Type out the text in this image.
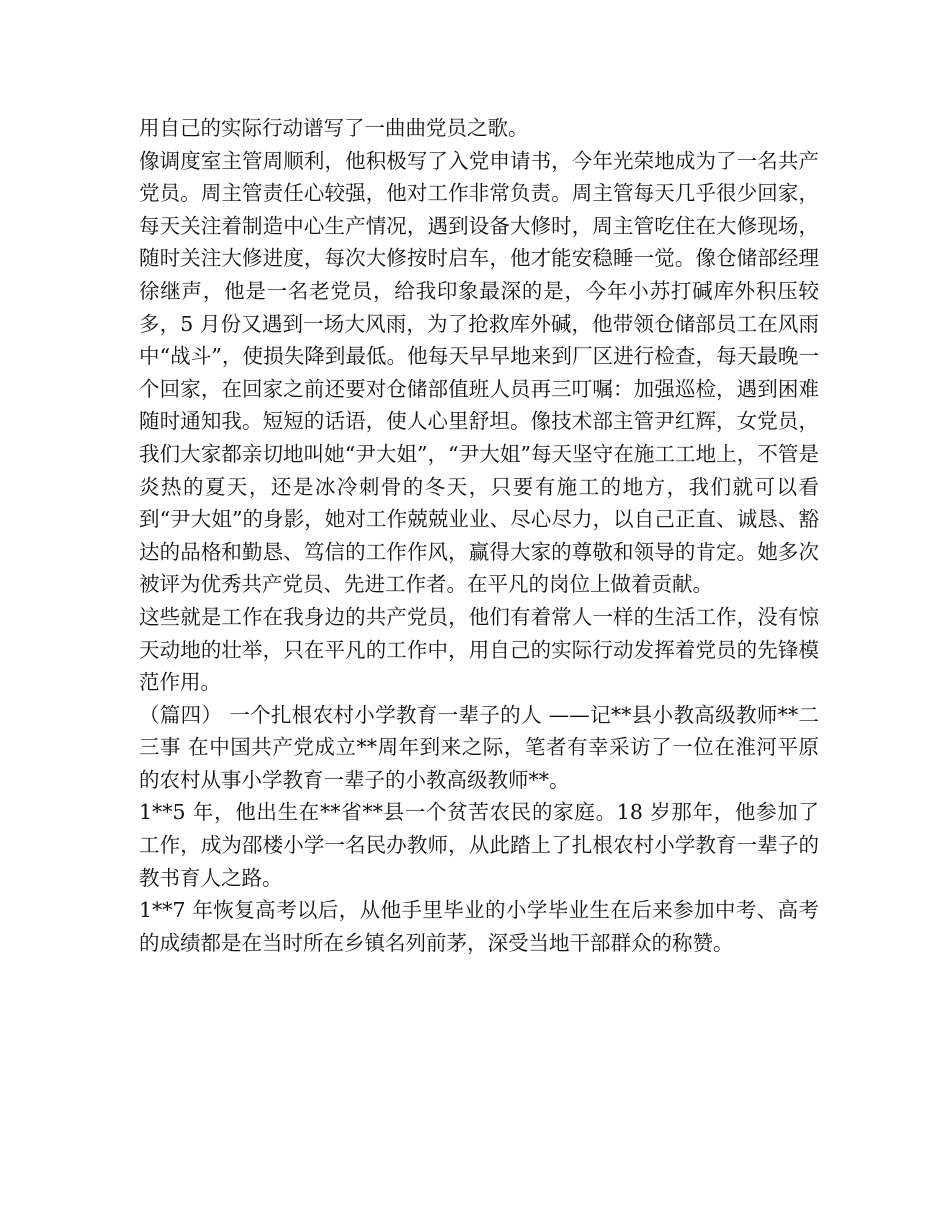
用自己的实际行动谱写了一曲曲党员之歌。

像调度室主管周顺利，他积极写了入党申请书，今年光荣地成为了一名共产党员。周主管责任心较强，他对工作非常负责。周主管每天几乎很少回家，每天关注着制造中心生产情况，遇到设备大修时，周主管吃住在大修现场，随时关注大修进度，每次大修按时启车，他才能安稳睡一觉。像仓储部经理徐继声，他是一名老党员，给我印象最深的是，今年小苏打碱库外积压较多，5 月份又遇到一场大风雨，为了抢救库外碱，他带领仓储部员工在风雨中“战斗”，使损失降到最低。他每天早早地来到厂区进行检查，每天最晚一个回家，在回家之前还要对仓储部值班人员再三叮嘱：加强巡检，遇到困难随时通知我。短短的话语，使人心里舒坦。像技术部主管尹红辉，女党员，我们大家都亲切地叫她“尹大姐”，“尹大姐”每天坚守在施工工地上，不管是炎热的夏天，还是冰冷刺骨的冬天，只要有施工的地方，我们就可以看到“尹大姐”的身影，她对工作兢兢业业、尽心尽力，以自己正直、诚恳、豁达的品格和勤恳、笃信的工作作风，赢得大家的尊敬和领导的肯定。她多次被评为优秀共产党员、先进工作者。在平凡的岗位上做着贡献。

这些就是工作在我身边的共产党员，他们有着常人一样的生活工作，没有惊天动地的壮举，只在平凡的工作中，用自己的实际行动发挥着党员的先锋模范作用。

（篇四） 一个扎根农村小学教育一辈子的人 ——记**县小教高级教师**二三事 在中国共产党成立**周年到来之际，笔者有幸采访了一位在淮河平原的农村从事小学教育一辈子的小教高级教师**。

1**5 年，他出生在**省**县一个贫苦农民的家庭。18 岁那年，他参加了工作，成为邵楼小学一名民办教师，从此踏上了扎根农村小学教育一辈子的教书育人之路。

1**7 年恢复高考以后，从他手里毕业的小学毕业生在后来参加中考、高考的成绩都是在当时所在乡镇名列前茅，深受当地干部群众的称赞。
